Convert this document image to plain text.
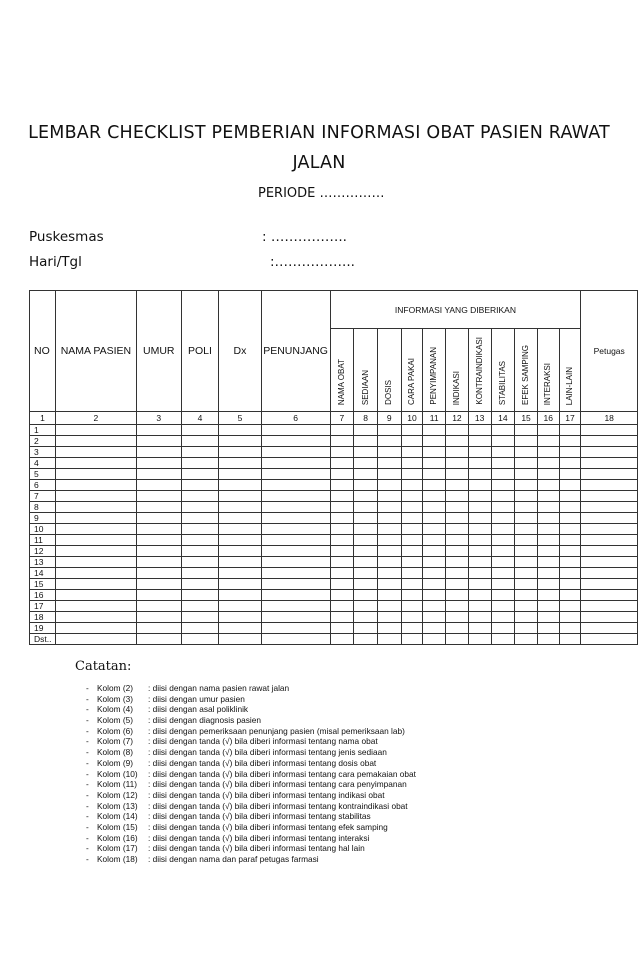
LEMBAR CHECKLIST PEMBERIAN INFORMASI OBAT PASIEN RAWAT JALAN
PERIODE ……………
Puskesmas	: ……………..
Hari/Tgl	:……………...
NO	NAMA PASIEN	UMUR	POLI	Dx	PENUNJANG	INFORMASI YANG DIBERIKAN											Petugas
						NAMA OBAT	SEDIAAN	DOSIS	CARA PAKAI	PENYIMPANAN	INDIKASI	KONTRAINDIKASI	STABILITAS	EFEK SAMPING	INTERAKSI	LAIN-LAIN	
1	2	3	4	5	6	7	8	9	10	11	12	13	14	15	16	17	18
1																	
2																	
3																	
4																	
5																	
6																	
7																	
8																	
9																	
10																	
11																	
12																	
13																	
14																	
15																	
16																	
17																	
18																	
19																	
Dst..																	
Catatan:
- Kolom (2) : diisi dengan nama pasien rawat jalan
- Kolom (3) : diisi dengan umur pasien
- Kolom (4) : diisi dengan asal poliklinik
- Kolom (5) : diisi dengan diagnosis pasien
- Kolom (6) : diisi dengan pemeriksaan penunjang pasien (misal pemeriksaan lab)
- Kolom (7) : diisi dengan tanda (√) bila diberi informasi tentang nama obat
- Kolom (8) : diisi dengan tanda (√) bila diberi informasi tentang jenis sediaan
- Kolom (9) : diisi dengan tanda (√) bila diberi informasi tentang dosis obat
- Kolom (10) : diisi dengan tanda (√) bila diberi informasi tentang cara pemakaian obat
- Kolom (11) : diisi dengan tanda (√) bila diberi informasi tentang cara penyimpanan
- Kolom (12) : diisi dengan tanda (√) bila diberi informasi tentang indikasi obat
- Kolom (13) : diisi dengan tanda (√) bila diberi informasi tentang kontraindikasi obat
- Kolom (14) : diisi dengan tanda (√) bila diberi informasi tentang stabilitas
- Kolom (15) : diisi dengan tanda (√) bila diberi informasi tentang efek samping
- Kolom (16) : diisi dengan tanda (√) bila diberi informasi tentang interaksi
- Kolom (17) : diisi dengan tanda (√) bila diberi informasi tentang hal lain
- Kolom (18) : diisi dengan nama dan paraf petugas farmasi
